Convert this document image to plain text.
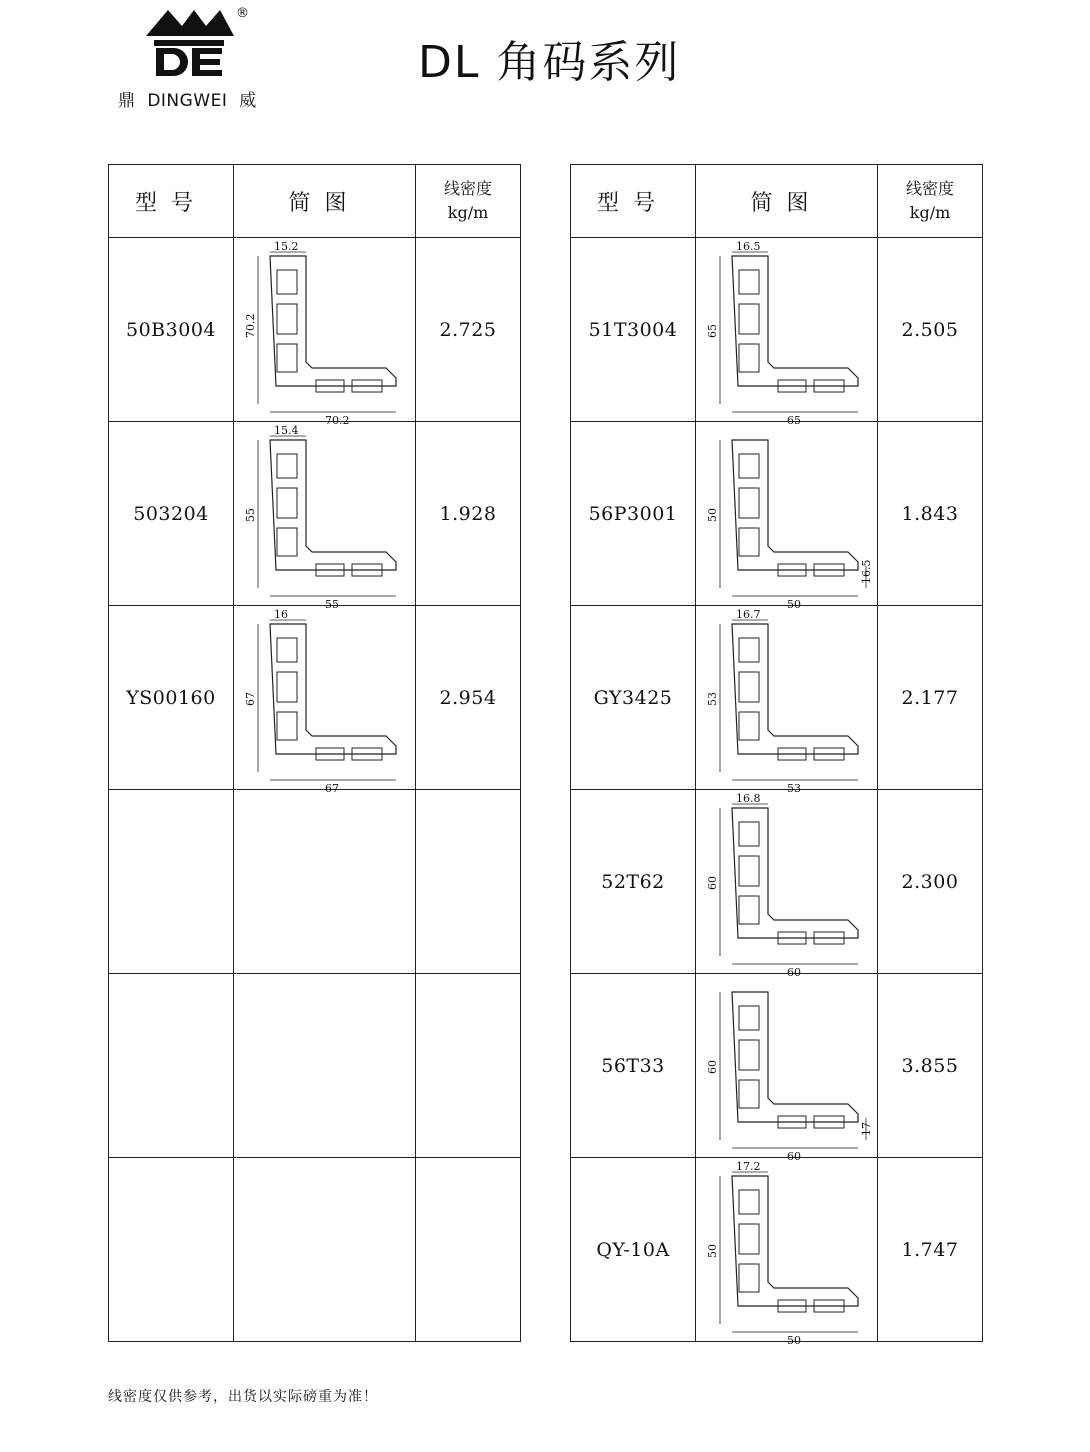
®
鼎 DINGWEI 威
DL 角码系列
型号	简图	线密度
kg/m

50B3004	15.2
70.2
70.2	2.725
503204	15.4
55
55	1.928
YS00160	16
67
67	2.954

型号	简图	线密度
kg/m

51T3004	16.5
65
65	2.505
56P3001	50
50
16.5	1.843
GY3425	16.7
53
53	2.177
52T62	16.8
60
60	2.300
56T33	60
60
17	3.855
QY-10A	17.2
50
50	1.747
线密度仅供参考，出货以实际磅重为准！
